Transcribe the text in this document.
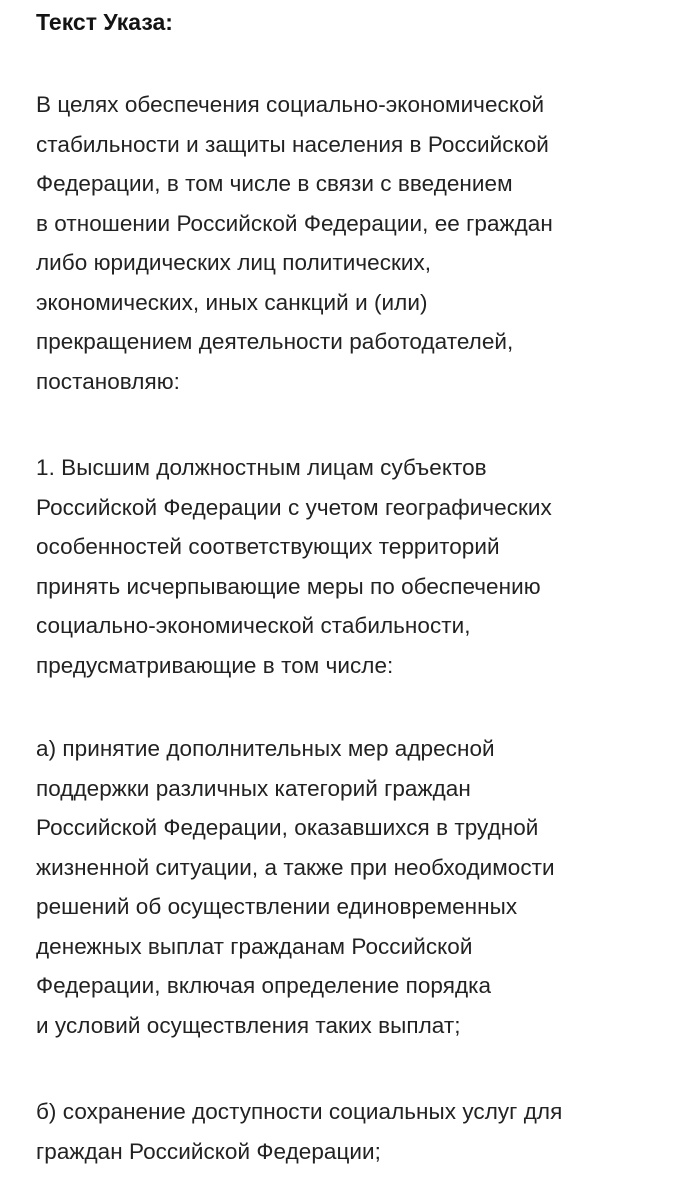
Текст Указа:
В целях обеспечения социально-экономической
стабильности и защиты населения в Российской
Федерации, в том числе в связи с введением
в отношении Российской Федерации, ее граждан
либо юридических лиц политических,
экономических, иных санкций и (или)
прекращением деятельности работодателей,
постановляю:
1. Высшим должностным лицам субъектов
Российской Федерации с учетом географических
особенностей соответствующих территорий
принять исчерпывающие меры по обеспечению
социально-экономической стабильности,
предусматривающие в том числе:
а) принятие дополнительных мер адресной
поддержки различных категорий граждан
Российской Федерации, оказавшихся в трудной
жизненной ситуации, а также при необходимости
решений об осуществлении единовременных
денежных выплат гражданам Российской
Федерации, включая определение порядка
и условий осуществления таких выплат;
б) сохранение доступности социальных услуг для
граждан Российской Федерации;
